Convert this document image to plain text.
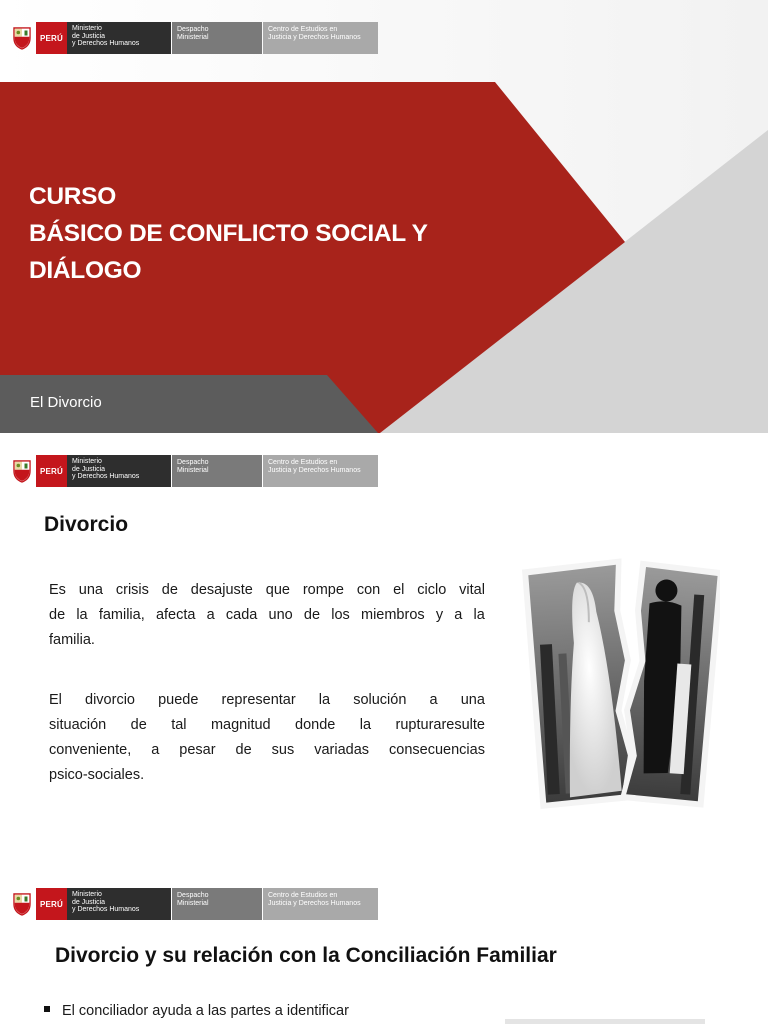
PERÚ
Ministerio
de Justicia
y Derechos Humanos
Despacho
Ministerial
Centro de Estudios en
Justicia y Derechos Humanos
CURSO
BÁSICO DE CONFLICTO SOCIAL Y
DIÁLOGO
El Divorcio
PERÚ
Ministerio
de Justicia
y Derechos Humanos
Despacho
Ministerial
Centro de Estudios en
Justicia y Derechos Humanos
Divorcio
Es una crisis de desajuste que rompe con el ciclo vital
de la familia, afecta a cada uno de los miembros y a la
familia.
El divorcio puede representar la solución a una
situación de tal magnitud donde la rupturaresulte
conveniente, a pesar de sus variadas consecuencias
psico-sociales.
PERÚ
Ministerio
de Justicia
y Derechos Humanos
Despacho
Ministerial
Centro de Estudios en
Justicia y Derechos Humanos
Divorcio y su relación con la Conciliación Familiar
El conciliador ayuda a las partes a identificar
